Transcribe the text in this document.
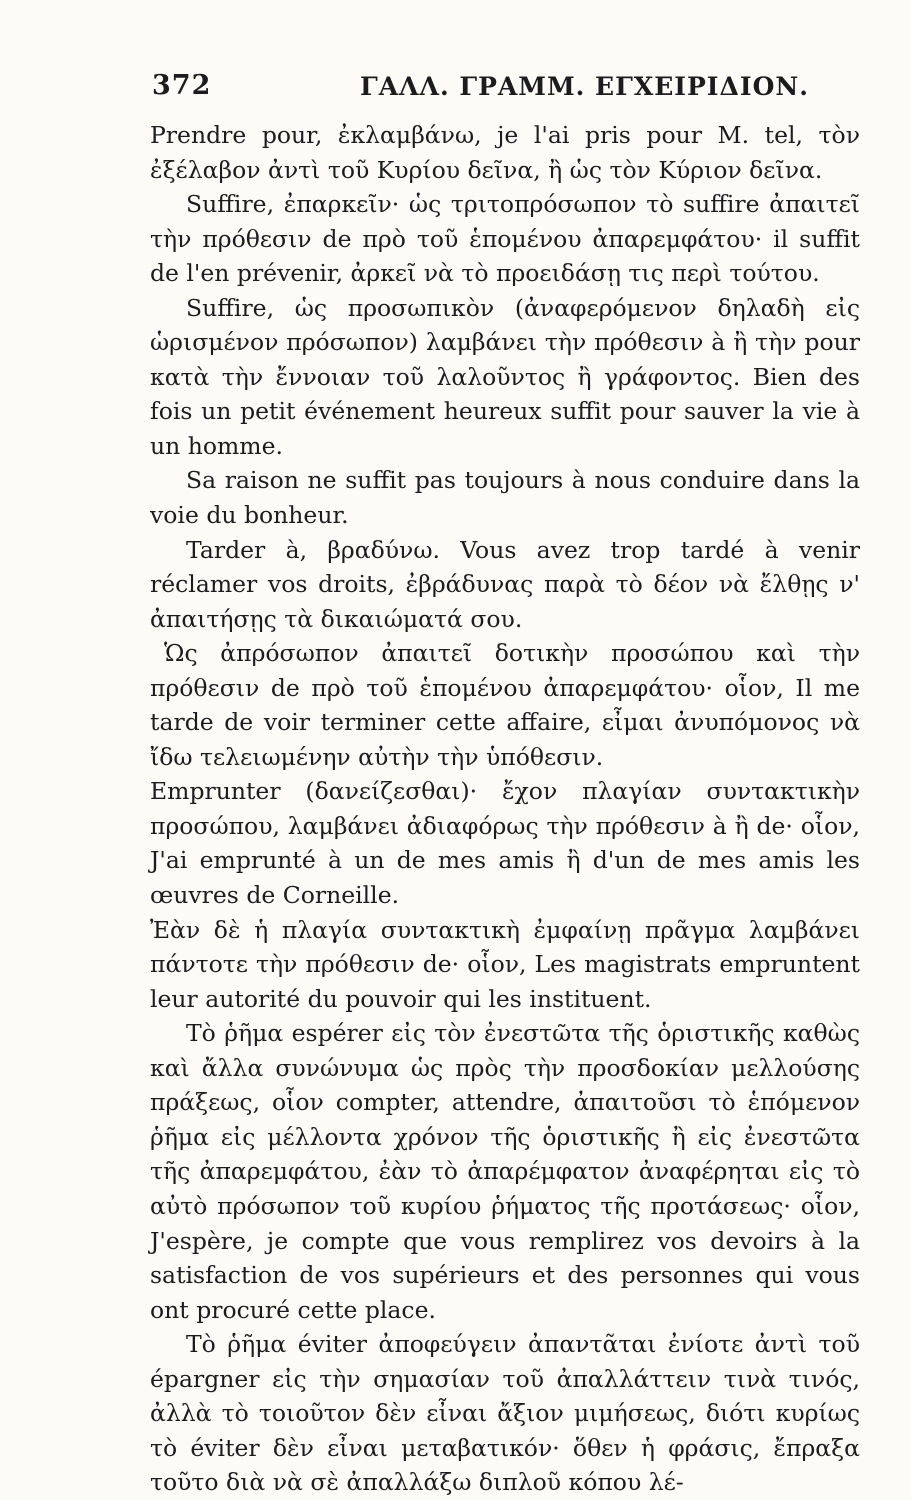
372	ΓΑΛΛ. ΓΡΑΜΜ. ΕΓΧΕΙΡΙΔΙΟΝ.

Prendre pour, ἐκλαμβάνω, je l'ai pris pour M. tel, τὸν ἐξέλαβον ἀντὶ τοῦ Κυρίου δεῖνα, ἢ ὡς τὸν Κύριον δεῖνα.

Suffire, ἐπαρκεῖν· ὡς τριτοπρόσωπον τὸ suffire ἀπαιτεῖ τὴν πρόθεσιν de πρὸ τοῦ ἑπομένου ἀπαρεμφάτου· il suffit de l'en prévenir, ἀρκεῖ νὰ τὸ προειδάσῃ τις περὶ τούτου.

Suffire, ὡς προσωπικὸν (ἀναφερόμενον δηλαδὴ εἰς ὡρισμένον πρόσωπον) λαμβάνει τὴν πρόθεσιν à ἢ τὴν pour κατὰ τὴν ἔννοιαν τοῦ λαλοῦντος ἢ γράφοντος. Bien des fois un petit événement heureux suffit pour sauver la vie à un homme.

Sa raison ne suffit pas toujours à nous conduire dans la voie du bonheur.

Tarder à, βραδύνω. Vous avez trop tardé à venir réclamer vos droits, ἐβράδυνας παρὰ τὸ δέον νὰ ἔλθῃς ν' ἀπαιτήσῃς τὰ δικαιώματά σου.

Ὡς ἀπρόσωπον ἀπαιτεῖ δοτικὴν προσώπου καὶ τὴν πρόθεσιν de πρὸ τοῦ ἑπομένου ἀπαρεμφάτου· οἷον, Il me tarde de voir terminer cette affaire, εἶμαι ἀνυπόμονος νὰ ἴδω τελειωμένην αὐτὴν τὴν ὑπόθεσιν.

Emprunter (δανείζεσθαι)· ἔχον πλαγίαν συντακτικὴν προσώπου, λαμβάνει ἀδιαφόρως τὴν πρόθεσιν à ἢ de· οἷον, J'ai emprunté à un de mes amis ἢ d'un de mes amis les œuvres de Corneille.

Ἐὰν δὲ ἡ πλαγία συντακτικὴ ἐμφαίνῃ πρᾶγμα λαμβάνει πάντοτε τὴν πρόθεσιν de· οἷον, Les magistrats empruntent leur autorité du pouvoir qui les instituent.

Τὸ ῥῆμα espérer εἰς τὸν ἐνεστῶτα τῆς ὁριστικῆς καθὼς καὶ ἄλλα συνώνυμα ὡς πρὸς τὴν προσδοκίαν μελλούσης πράξεως, οἷον compter, attendre, ἀπαιτοῦσι τὸ ἑπόμενον ῥῆμα εἰς μέλλοντα χρόνον τῆς ὁριστικῆς ἢ εἰς ἐνεστῶτα τῆς ἀπαρεμφάτου, ἐὰν τὸ ἀπαρέμφατον ἀναφέρηται εἰς τὸ αὐτὸ πρόσωπον τοῦ κυρίου ῥήματος τῆς προτάσεως· οἷον, J'espère, je compte que vous remplirez vos devoirs à la satisfaction de vos supérieurs et des personnes qui vous ont procuré cette place.

Τὸ ῥῆμα éviter ἀποφεύγειν ἀπαντᾶται ἐνίοτε ἀντὶ τοῦ épargner εἰς τὴν σημασίαν τοῦ ἀπαλλάττειν τινὰ τινός, ἀλλὰ τὸ τοιοῦτον δὲν εἶναι ἄξιον μιμήσεως, διότι κυρίως τὸ éviter δὲν εἶναι μεταβατικόν· ὅθεν ἡ φράσις, ἔπραξα τοῦτο διὰ νὰ σὲ ἀπαλλάξω διπλοῦ κόπου λέ-
